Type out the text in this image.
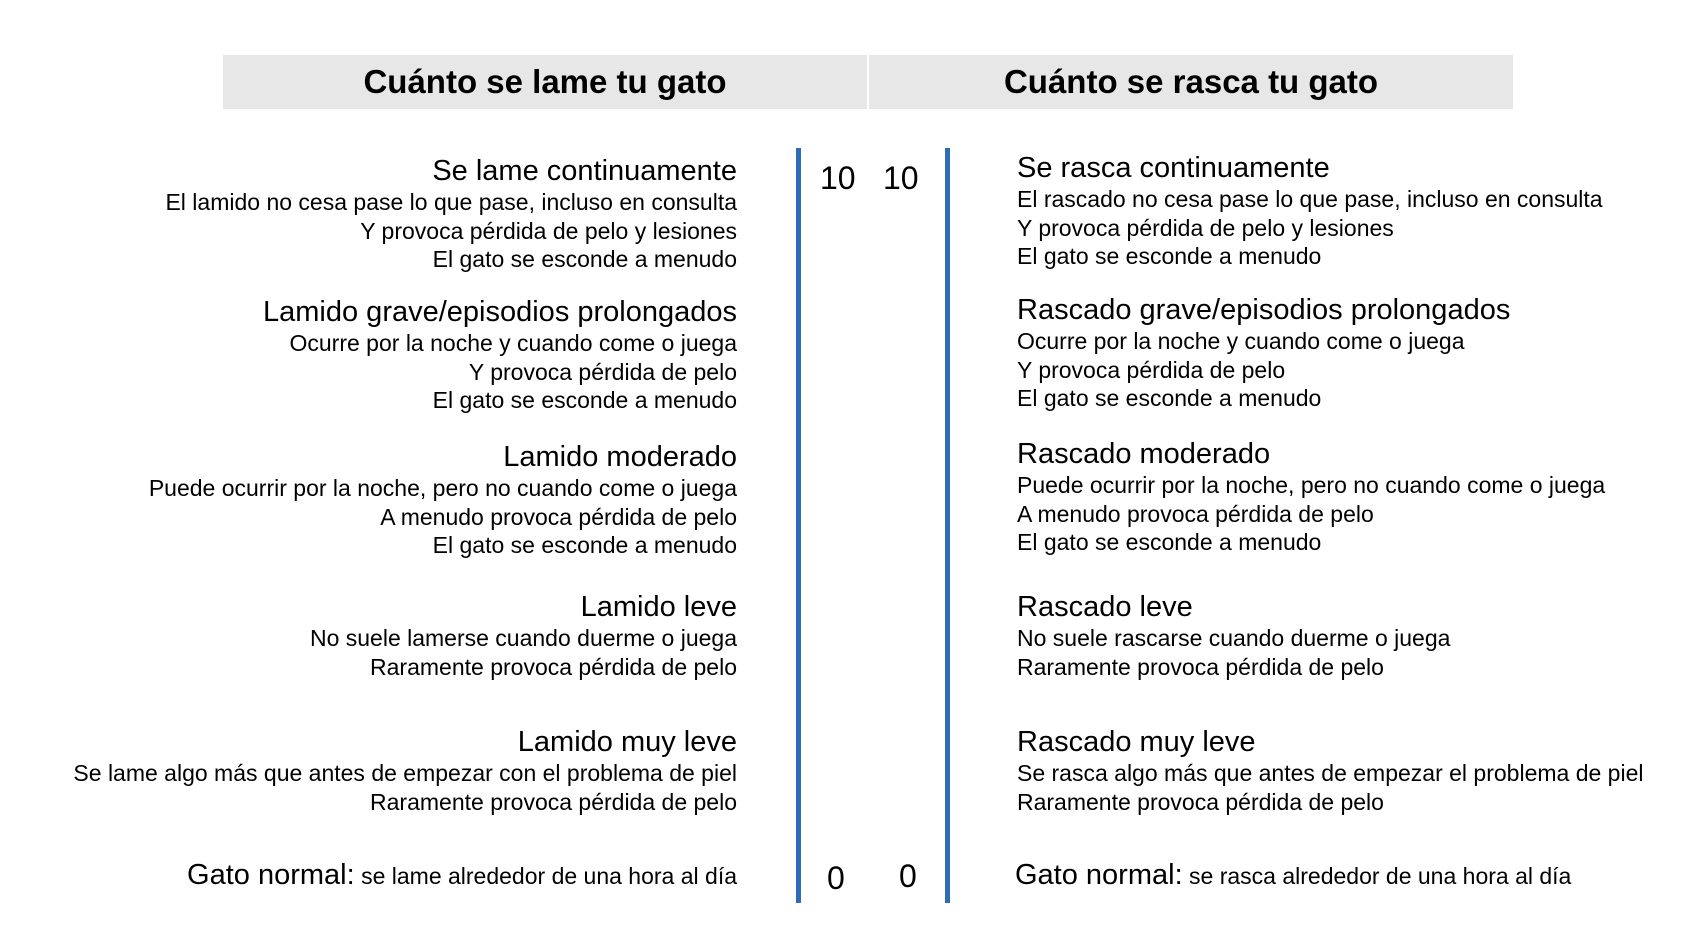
Cuánto se lame tu gato	Cuánto se rasca tu gato
10 10
0 0
Se lame continuamente
El lamido no cesa pase lo que pase, incluso en consulta
Y provoca pérdida de pelo y lesiones
El gato se esconde a menudo
Lamido grave/episodios prolongados
Ocurre por la noche y cuando come o juega
Y provoca pérdida de pelo
El gato se esconde a menudo
Lamido moderado
Puede ocurrir por la noche, pero no cuando come o juega
A menudo provoca pérdida de pelo
El gato se esconde a menudo
Lamido leve
No suele lamerse cuando duerme o juega
Raramente provoca pérdida de pelo
Lamido muy leve
Se lame algo más que antes de empezar con el problema de piel
Raramente provoca pérdida de pelo
Se rasca continuamente
El rascado no cesa pase lo que pase, incluso en consulta
Y provoca pérdida de pelo y lesiones
El gato se esconde a menudo
Rascado grave/episodios prolongados
Ocurre por la noche y cuando come o juega
Y provoca pérdida de pelo
El gato se esconde a menudo
Rascado moderado
Puede ocurrir por la noche, pero no cuando come o juega
A menudo provoca pérdida de pelo
El gato se esconde a menudo
Rascado leve
No suele rascarse cuando duerme o juega
Raramente provoca pérdida de pelo
Rascado muy leve
Se rasca algo más que antes de empezar el problema de piel
Raramente provoca pérdida de pelo
Gato normal: se lame alrededor de una hora al día	Gato normal: se rasca alrededor de una hora al día
